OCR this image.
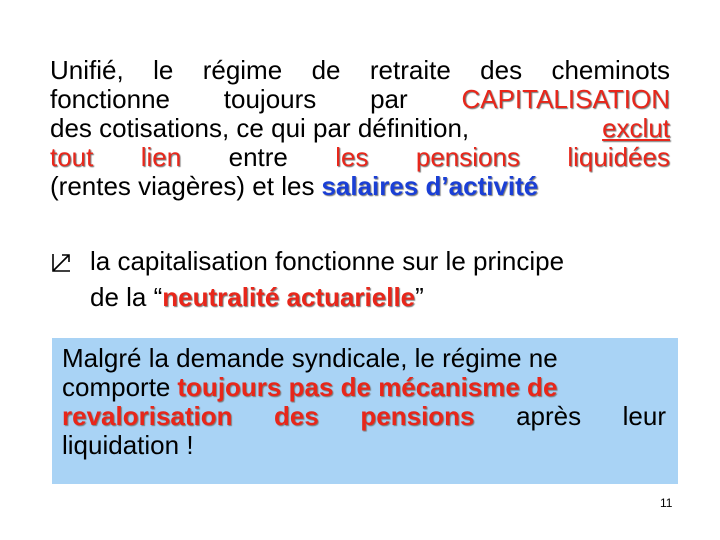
Unifié, le régime de retraite des cheminots
fonctionne toujours par CAPITALISATION
des cotisations, ce qui par définition,	exclut
tout lien entre les pensions liquidées
(rentes viagères) et les salaires d’activité
la capitalisation fonctionne sur le principe
de la “neutralité actuarielle”
Malgré la demande syndicale, le régime ne
comporte toujours pas de mécanisme de
revalorisation des pensions après leur
liquidation !
11
